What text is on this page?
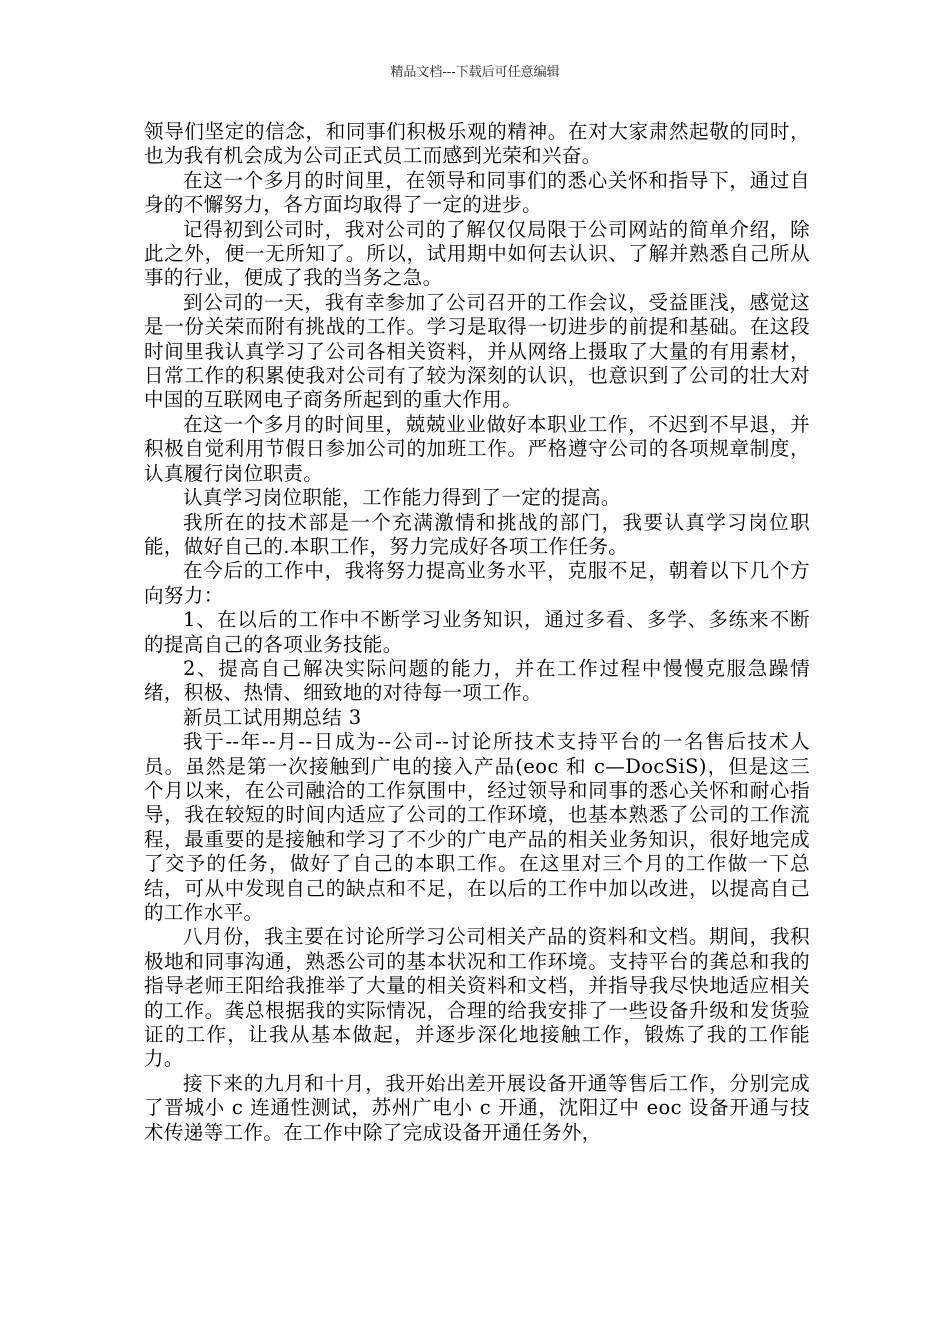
精品文档---下载后可任意编辑

领导们坚定的信念，和同事们积极乐观的精神。在对大家肃然起敬的同时，也为我有机会成为公司正式员工而感到光荣和兴奋。

在这一个多月的时间里，在领导和同事们的悉心关怀和指导下，通过自身的不懈努力，各方面均取得了一定的进步。

记得初到公司时，我对公司的了解仅仅局限于公司网站的简单介绍，除此之外，便一无所知了。所以，试用期中如何去认识、了解并熟悉自己所从事的行业，便成了我的当务之急。

到公司的一天，我有幸参加了公司召开的工作会议，受益匪浅，感觉这是一份关荣而附有挑战的工作。学习是取得一切进步的前提和基础。在这段时间里我认真学习了公司各相关资料，并从网络上摄取了大量的有用素材，日常工作的积累使我对公司有了较为深刻的认识，也意识到了公司的壮大对中国的互联网电子商务所起到的重大作用。

在这一个多月的时间里，兢兢业业做好本职业工作，不迟到不早退，并积极自觉利用节假日参加公司的加班工作。严格遵守公司的各项规章制度，认真履行岗位职责。

认真学习岗位职能，工作能力得到了一定的提高。

我所在的技术部是一个充满激情和挑战的部门，我要认真学习岗位职能，做好自己的.本职工作，努力完成好各项工作任务。

在今后的工作中，我将努力提高业务水平，克服不足，朝着以下几个方向努力：

1、在以后的工作中不断学习业务知识，通过多看、多学、多练来不断的提高自己的各项业务技能。

2、提高自己解决实际问题的能力，并在工作过程中慢慢克服急躁情绪，积极、热情、细致地的对待每一项工作。

新员工试用期总结 3

我于--年--月--日成为--公司--讨论所技术支持平台的一名售后技术人员。虽然是第一次接触到广电的接入产品(eoc 和 c—DocSiS)，但是这三个月以来，在公司融洽的工作氛围中，经过领导和同事的悉心关怀和耐心指导，我在较短的时间内适应了公司的工作环境，也基本熟悉了公司的工作流程，最重要的是接触和学习了不少的广电产品的相关业务知识，很好地完成了交予的任务，做好了自己的本职工作。在这里对三个月的工作做一下总结，可从中发现自己的缺点和不足，在以后的工作中加以改进，以提高自己的工作水平。

八月份，我主要在讨论所学习公司相关产品的资料和文档。期间，我积极地和同事沟通，熟悉公司的基本状况和工作环境。支持平台的龚总和我的指导老师王阳给我推举了大量的相关资料和文档，并指导我尽快地适应相关的工作。龚总根据我的实际情况，合理的给我安排了一些设备升级和发货验证的工作，让我从基本做起，并逐步深化地接触工作，锻炼了我的工作能力。

接下来的九月和十月，我开始出差开展设备开通等售后工作，分别完成了晋城小 c 连通性测试，苏州广电小 c 开通，沈阳辽中 eoc 设备开通与技术传递等工作。在工作中除了完成设备开通任务外，
